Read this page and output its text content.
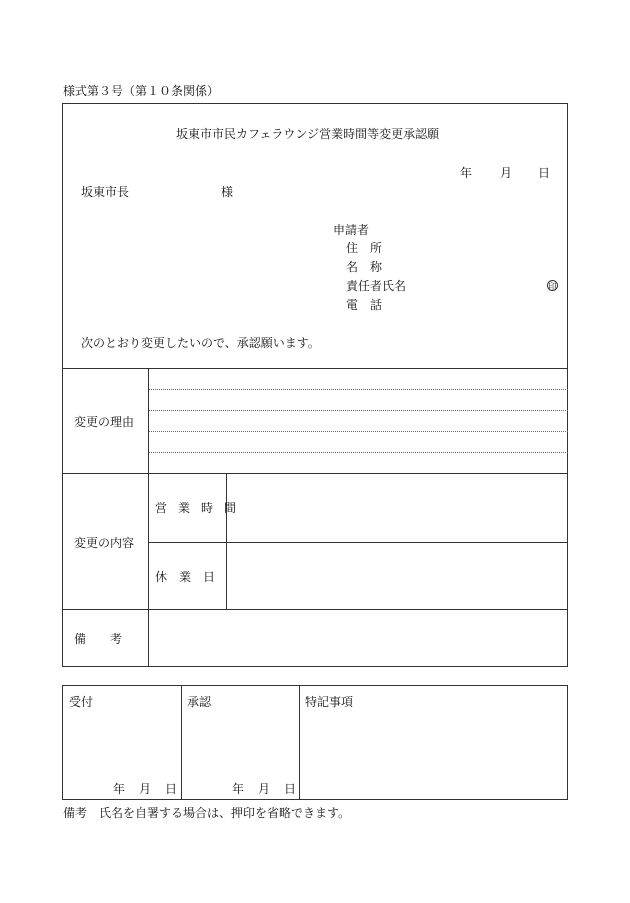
様式第３号（第１０条関係）
坂東市市民カフェラウンジ営業時間等変更承認願
年 月 日
坂東市長	様
申請者
住　所
名　称
責任者氏名	印
電　話
次のとおり変更したいので、承認願います。
変更の理由
変更の内容
営業時間
休　業　日
備　　考
受付	承認	特記事項
年 月 日	年 月 日
備考　氏名を自署する場合は、押印を省略できます。
